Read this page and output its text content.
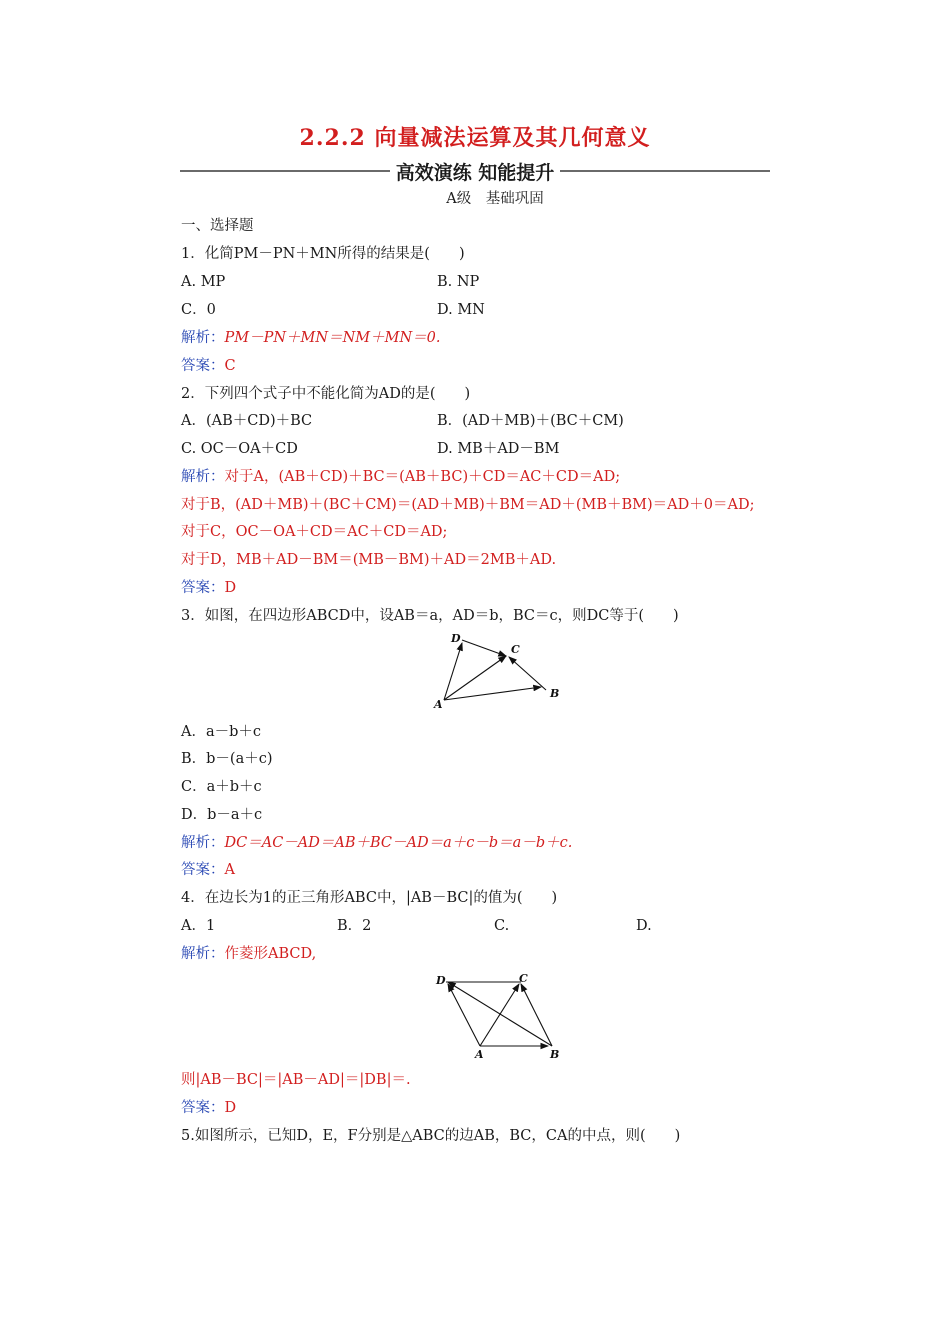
2.2.2 向量减法运算及其几何意义
高效演练 知能提升
A级　基础巩固
一、选择题
1．化简PM－PN＋MN所得的结果是(　　)
A. MP	B. NP
C．0	D. MN
解析：PM－PN＋MN＝NM＋MN＝0.
答案：C
2．下列四个式子中不能化简为AD的是(　　)
A．(AB＋CD)＋BC	B．(AD＋MB)＋(BC＋CM)
C. OC－OA＋CD	D. MB＋AD－BM
解析：对于A，(AB＋CD)＋BC＝(AB＋BC)＋CD＝AC＋CD＝AD;
对于B，(AD＋MB)＋(BC＋CM)＝(AD＋MB)＋BM＝AD＋(MB＋BM)＝AD＋0＝AD;
对于C，OC－OA＋CD＝AC＋CD＝AD;
对于D，MB＋AD－BM＝(MB－BM)＋AD＝2MB＋AD.
答案：D
3．如图，在四边形ABCD中，设AB＝a，AD＝b，BC＝c，则DC等于(　　)
D
C
B
A
A．a－b＋c
B．b－(a＋c)
C．a＋b＋c
D．b－a＋c
解析：DC＝AC－AD＝AB＋BC－AD＝a＋c－b＝a－b＋c.
答案：A
4．在边长为1的正三角形ABC中，|AB－BC|的值为(　　)
A．1	B．2	C.	D.
解析：作菱形ABCD,
D	C
B
A
则|AB－BC|＝|AB－AD|＝|DB|＝.
答案：D
5.如图所示，已知D，E，F分别是△ABC的边AB，BC，CA的中点，则(　　)
